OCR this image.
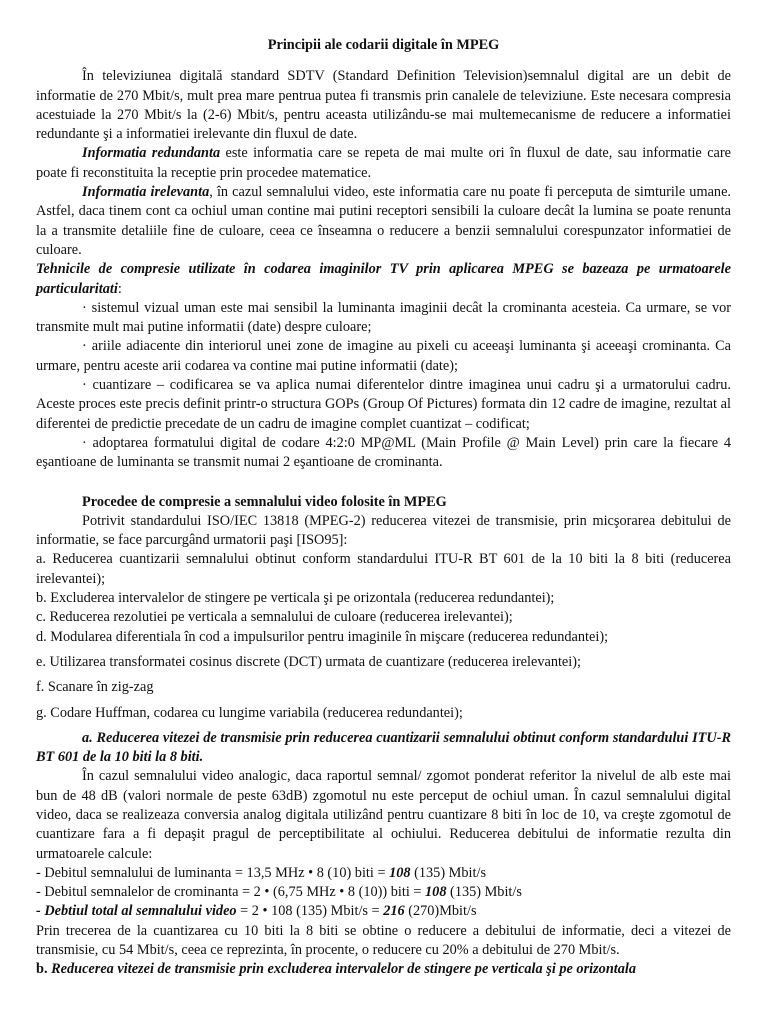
Principii ale codarii digitale în MPEG

În televiziunea digitală standard SDTV (Standard Definition Television)semnalul digital are un debit de informatie de 270 Mbit/s, mult prea mare pentrua putea fi transmis prin canalele de televiziune. Este necesara compresia acestuiade la 270 Mbit/s la (2-6) Mbit/s, pentru aceasta utilizându-se mai multemecanisme de reducere a informatiei redundante şi a informatiei irelevante din fluxul de date.

Informatia redundanta este informatia care se repeta de mai multe ori în fluxul de date, sau informatie care poate fi reconstituita la receptie prin procedee matematice.

Informatia irelevanta, în cazul semnalului video, este informatia care nu poate fi perceputa de simturile umane. Astfel, daca tinem cont ca ochiul uman contine mai putini receptori sensibili la culoare decât la lumina se poate renunta la a transmite detaliile fine de culoare, ceea ce înseamna o reducere a benzii semnalului corespunzator informatiei de culoare.

Tehnicile de compresie utilizate în codarea imaginilor TV prin aplicarea MPEG se bazeaza pe urmatoarele particularitati:

· sistemul vizual uman este mai sensibil la luminanta imaginii decât la crominanta acesteia. Ca urmare, se vor transmite mult mai putine informatii (date) despre culoare;

· ariile adiacente din interiorul unei zone de imagine au pixeli cu aceeaşi luminanta şi aceeaşi crominanta. Ca urmare, pentru aceste arii codarea va contine mai putine informatii (date);

· cuantizare – codificarea se va aplica numai diferentelor dintre imaginea unui cadru şi a urmatorului cadru. Aceste proces este precis definit printr-o structura GOPs (Group Of Pictures) formata din 12 cadre de imagine, rezultat al diferentei de predictie precedate de un cadru de imagine complet cuantizat – codificat;

· adoptarea formatului digital de codare 4:2:0 MP@ML (Main Profile @ Main Level) prin care la fiecare 4 eşantioane de luminanta se transmit numai 2 eşantioane de crominanta.

Procedee de compresie a semnalului video folosite în MPEG

Potrivit standardului ISO/IEC 13818 (MPEG-2) reducerea vitezei de transmisie, prin micşorarea debitului de informatie, se face parcurgând urmatorii paşi [ISO95]:

a. Reducerea cuantizarii semnalului obtinut conform standardului ITU-R BT 601 de la 10 biti la 8 biti (reducerea irelevantei);

b. Excluderea intervalelor de stingere pe verticala şi pe orizontala (reducerea redundantei);

c. Reducerea rezolutiei pe verticala a semnalului de culoare (reducerea irelevantei);

d. Modularea diferentiala în cod a impulsurilor pentru imaginile în mişcare (reducerea redundantei);

e. Utilizarea transformatei cosinus discrete (DCT) urmata de cuantizare (reducerea irelevantei);

f. Scanare în zig-zag

g. Codare Huffman, codarea cu lungime variabila (reducerea redundantei);

a. Reducerea vitezei de transmisie prin reducerea cuantizarii semnalului obtinut conform standardului ITU-R BT 601 de la 10 biti la 8 biti.

În cazul semnalului video analogic, daca raportul semnal/ zgomot ponderat referitor la nivelul de alb este mai bun de 48 dB (valori normale de peste 63dB) zgomotul nu este perceput de ochiul uman. În cazul semnalului digital video, daca se realizeaza conversia analog digitala utilizând pentru cuantizare 8 biti în loc de 10, va creşte zgomotul de cuantizare fara a fi depaşit pragul de perceptibilitate al ochiului. Reducerea debitului de informatie rezulta din urmatoarele calcule:

- Debitul semnalului de luminanta = 13,5 MHz • 8 (10) biti = 108 (135) Mbit/s

- Debitul semnalelor de crominanta = 2 • (6,75 MHz • 8 (10)) biti = 108 (135) Mbit/s

- Debtiul total al semnalului video = 2 • 108 (135) Mbit/s = 216 (270)Mbit/s

Prin trecerea de la cuantizarea cu 10 biti la 8 biti se obtine o reducere a debitului de informatie, deci a vitezei de transmisie, cu 54 Mbit/s, ceea ce reprezinta, în procente, o reducere cu 20% a debitului de 270 Mbit/s.

b. Reducerea vitezei de transmisie prin excluderea intervalelor de stingere pe verticala şi pe orizontala
